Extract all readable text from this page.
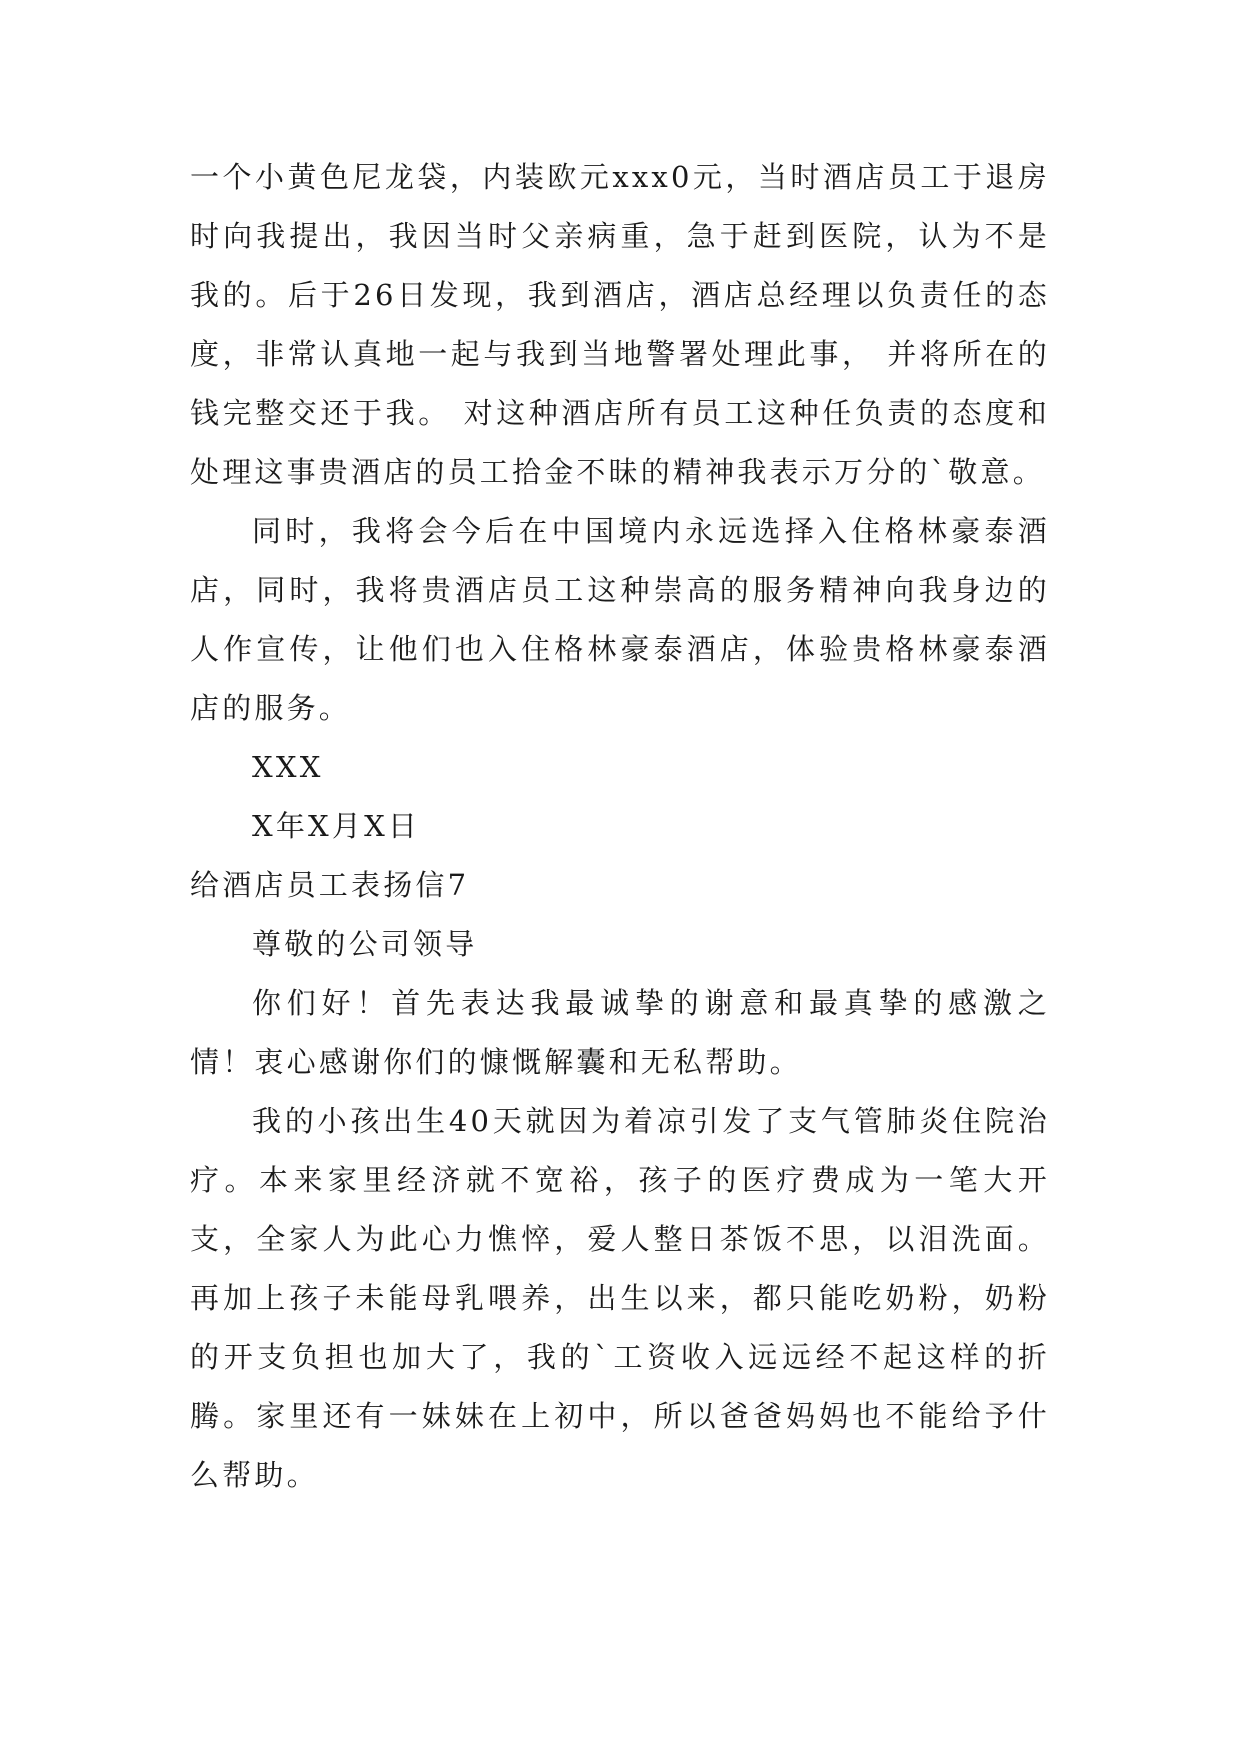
一个小黄色尼龙袋，内装欧元xxx0元，当时酒店员工于退房时向我提出，我因当时父亲病重，急于赶到医院，认为不是我的。后于26日发现，我到酒店，酒店总经理以负责任的态度，非常认真地一起与我到当地警署处理此事， 并将所在的钱完整交还于我。 对这种酒店所有员工这种任负责的态度和处理这事贵酒店的员工拾金不昧的精神我表示万分的`敬意。

同时，我将会今后在中国境内永远选择入住格林豪泰酒店，同时，我将贵酒店员工这种崇高的服务精神向我身边的人作宣传，让他们也入住格林豪泰酒店，体验贵格林豪泰酒店的服务。

XXX

X年X月X日

给酒店员工表扬信7

尊敬的公司领导

你们好！首先表达我最诚挚的谢意和最真挚的感激之情！衷心感谢你们的慷慨解囊和无私帮助。

我的小孩出生40天就因为着凉引发了支气管肺炎住院治疗。本来家里经济就不宽裕，孩子的医疗费成为一笔大开支，全家人为此心力憔悴，爱人整日茶饭不思，以泪洗面。再加上孩子未能母乳喂养，出生以来，都只能吃奶粉，奶粉的开支负担也加大了，我的`工资收入远远经不起这样的折腾。家里还有一妹妹在上初中，所以爸爸妈妈也不能给予什么帮助。
